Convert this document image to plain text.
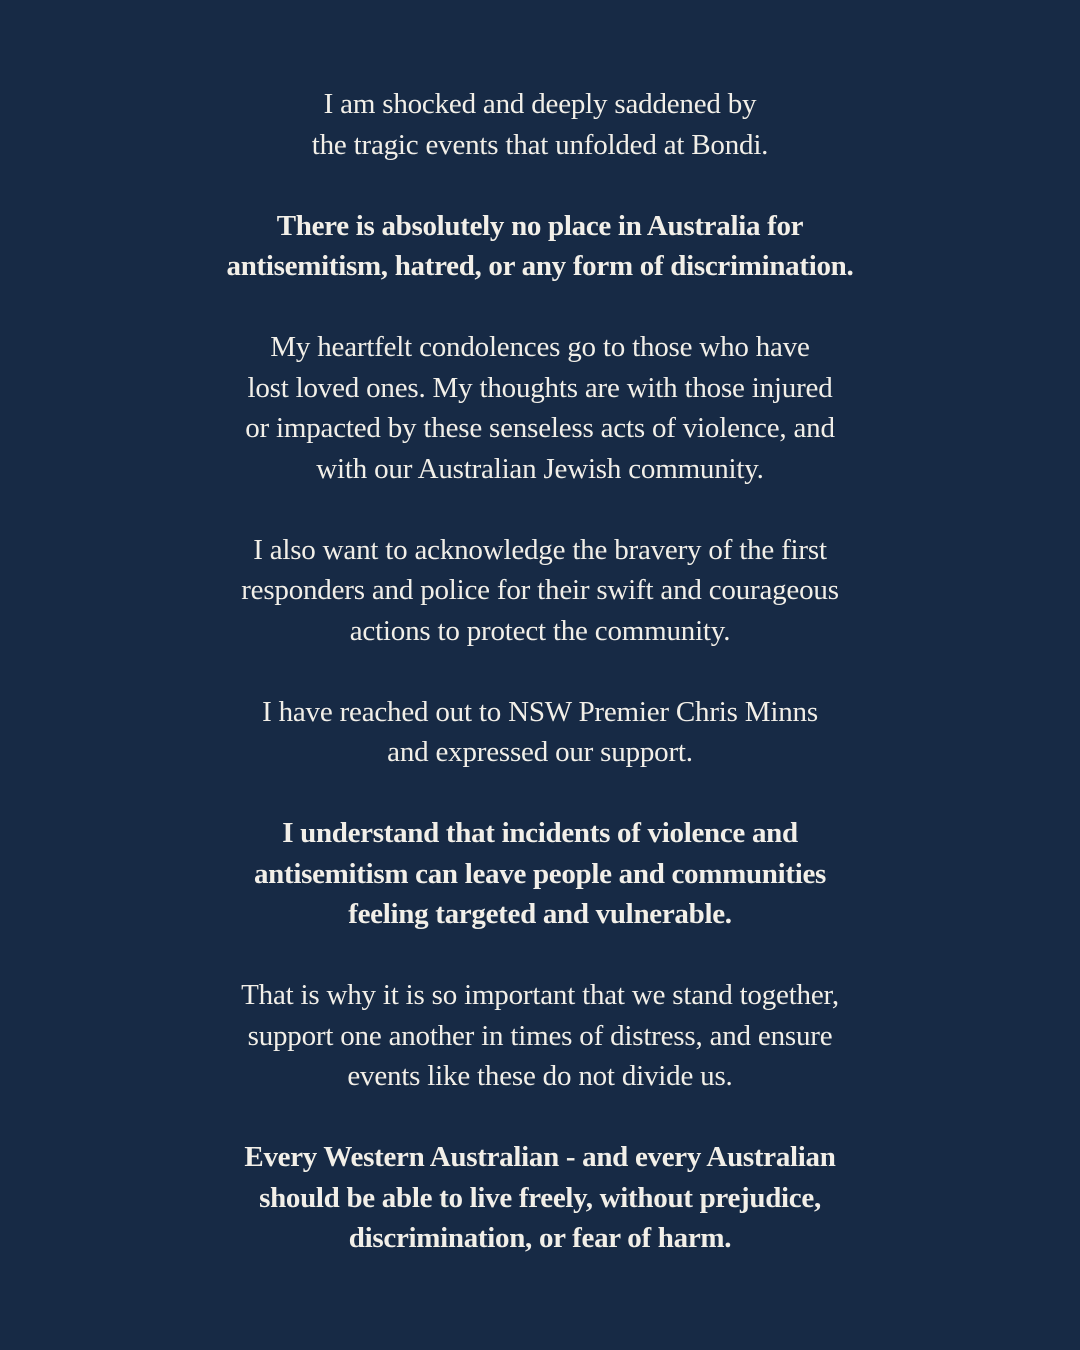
I am shocked and deeply saddened by
the tragic events that unfolded at Bondi.

There is absolutely no place in Australia for
antisemitism, hatred, or any form of discrimination.

My heartfelt condolences go to those who have
lost loved ones. My thoughts are with those injured
or impacted by these senseless acts of violence, and
with our Australian Jewish community.

I also want to acknowledge the bravery of the first
responders and police for their swift and courageous
actions to protect the community.

I have reached out to NSW Premier Chris Minns
and expressed our support.

I understand that incidents of violence and
antisemitism can leave people and communities
feeling targeted and vulnerable.

That is why it is so important that we stand together,
support one another in times of distress, and ensure
events like these do not divide us.

Every Western Australian - and every Australian
should be able to live freely, without prejudice,
discrimination, or fear of harm.
